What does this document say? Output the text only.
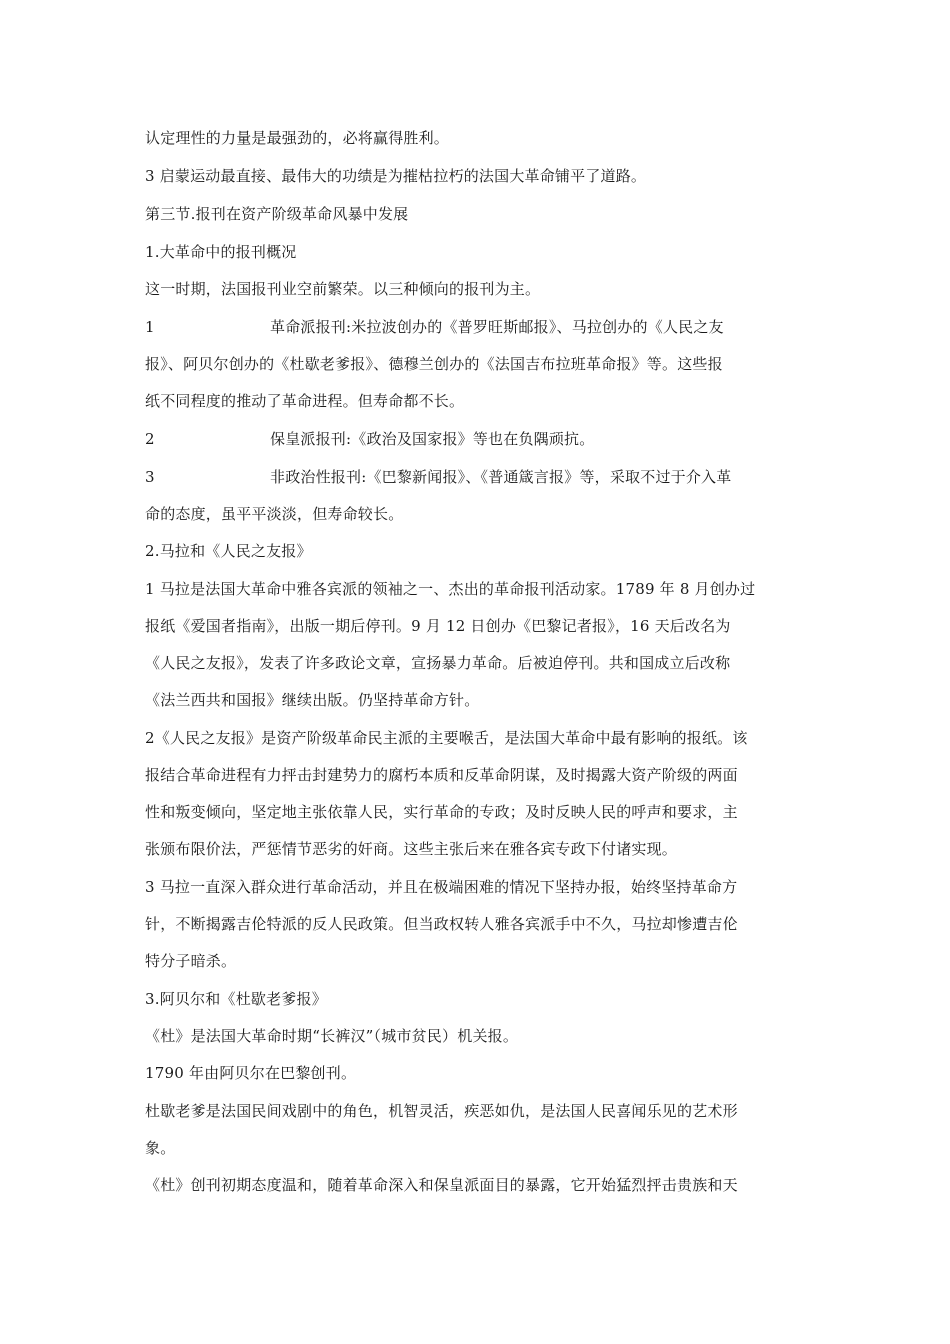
认定理性的力量是最强劲的，必将赢得胜利。
3 启蒙运动最直接、最伟大的功绩是为摧枯拉朽的法国大革命铺平了道路。
第三节.报刊在资产阶级革命风暴中发展
1.大革命中的报刊概况
这一时期，法国报刊业空前繁荣。以三种倾向的报刊为主。
1	革命派报刊:米拉波创办的《普罗旺斯邮报》、马拉创办的《人民之友
报》、阿贝尔创办的《杜歇老爹报》、德穆兰创办的《法国吉布拉班革命报》等。这些报
纸不同程度的推动了革命进程。但寿命都不长。
2	保皇派报刊:《政治及国家报》等也在负隅顽抗。
3	非政治性报刊:《巴黎新闻报》、《普通箴言报》等，采取不过于介入革
命的态度，虽平平淡淡，但寿命较长。
2.马拉和《人民之友报》
1 马拉是法国大革命中雅各宾派的领袖之一、杰出的革命报刊活动家。1789 年 8 月创办过
报纸《爱国者指南》，出版一期后停刊。9 月 12 日创办《巴黎记者报》，16 天后改名为
《人民之友报》，发表了许多政论文章，宣扬暴力革命。后被迫停刊。共和国成立后改称
《法兰西共和国报》继续出版。仍坚持革命方针。
2《人民之友报》是资产阶级革命民主派的主要喉舌，是法国大革命中最有影响的报纸。该
报结合革命进程有力抨击封建势力的腐朽本质和反革命阴谋，及时揭露大资产阶级的两面
性和叛变倾向，坚定地主张依靠人民，实行革命的专政；及时反映人民的呼声和要求，主
张颁布限价法，严惩情节恶劣的奸商。这些主张后来在雅各宾专政下付诸实现。
3 马拉一直深入群众进行革命活动，并且在极端困难的情况下坚持办报，始终坚持革命方
针，不断揭露吉伦特派的反人民政策。但当政权转人雅各宾派手中不久，马拉却惨遭吉伦
特分子暗杀。
3.阿贝尔和《杜歇老爹报》
《杜》是法国大革命时期“长裤汉”（城市贫民）机关报。
1790 年由阿贝尔在巴黎创刊。
杜歇老爹是法国民间戏剧中的角色，机智灵活，疾恶如仇，是法国人民喜闻乐见的艺术形
象。
《杜》创刊初期态度温和，随着革命深入和保皇派面目的暴露，它开始猛烈抨击贵族和天
